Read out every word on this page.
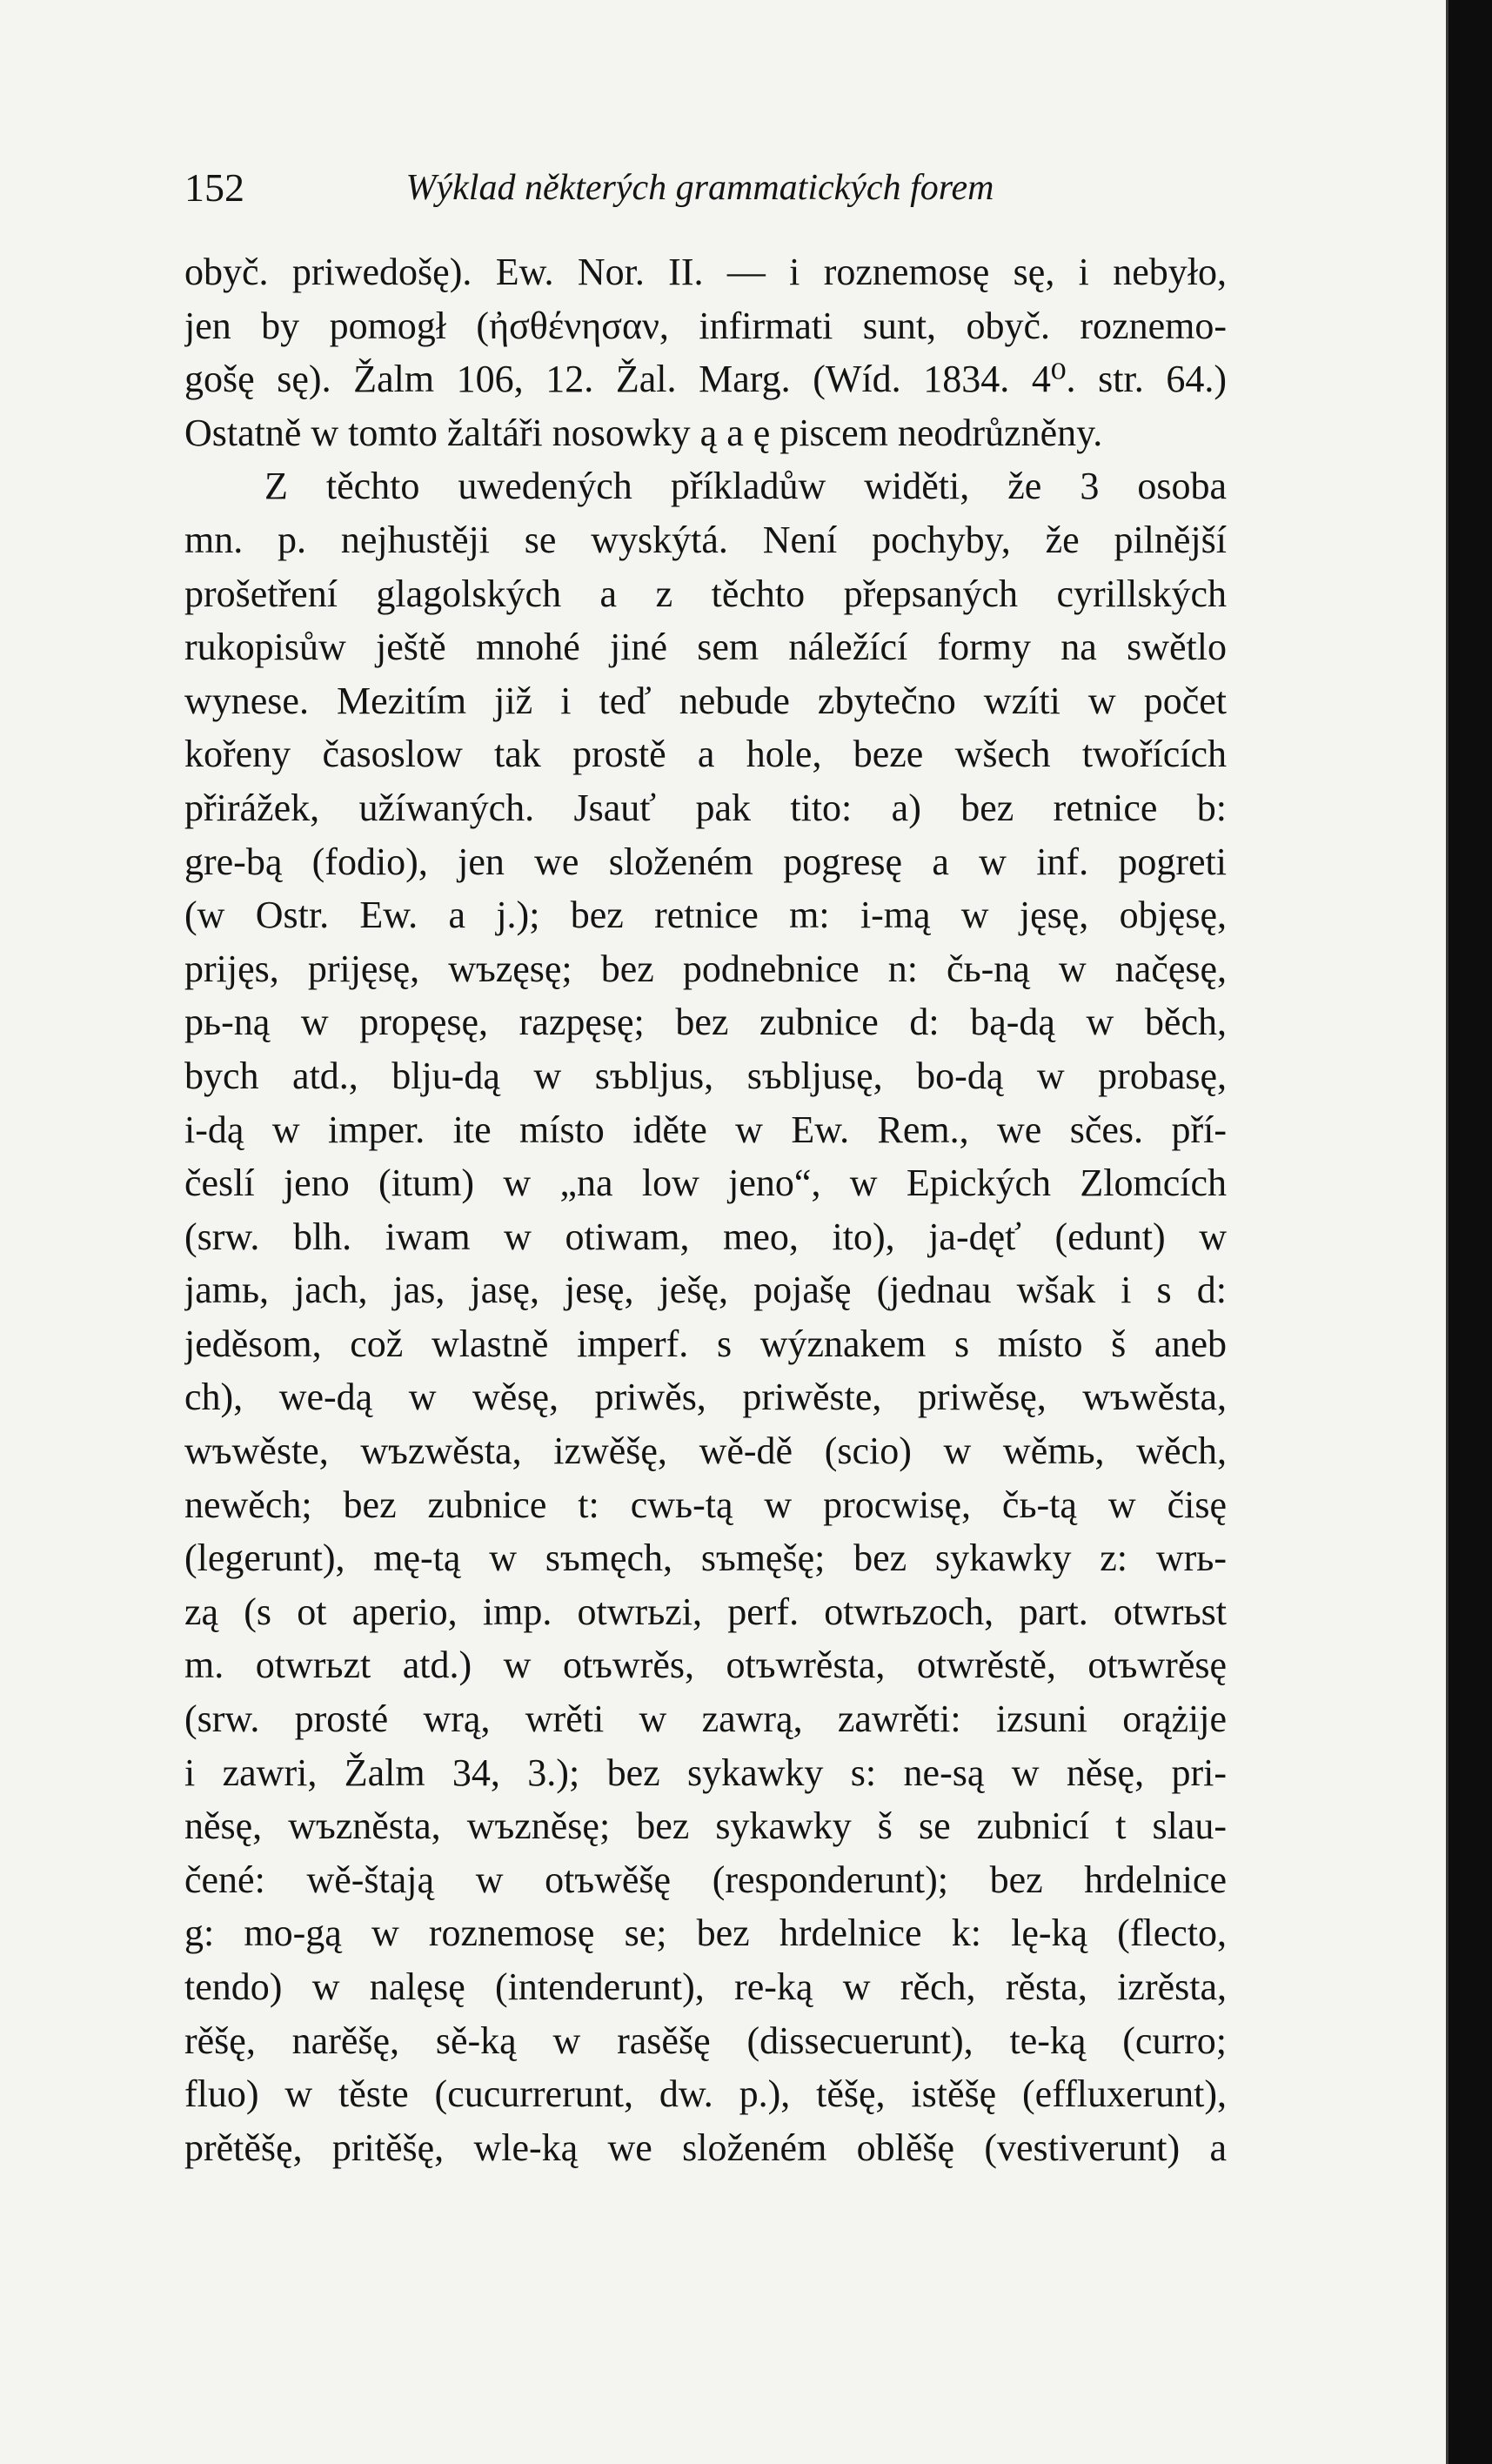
152	Wýklad některých grammatických forem
obyč. priwedošę). Ew. Nor. II. — i roznemosę sę, i nebyło,
jen by pomogł (ἠσθένησαν, infirmati sunt, obyč. roznemo-
gošę sę). Žalm 106, 12. Žal. Marg. (Wíd. 1834. 4⁰. str. 64.)
Ostatně w tomto žaltáři nosowky ą a ę piscem neodrůzněny.
Z těchto uwedených příkladůw widěti, že 3 osoba
mn. p. nejhustěji se wyskýtá. Není pochyby, že pilnější
prošetření glagolských a z těchto přepsaných cyrillských
rukopisůw ještě mnohé jiné sem náležící formy na swětlo
wynese. Mezitím již i teď nebude zbytečno wzíti w počet
kořeny časoslow tak prostě a hole, beze wšech twořících
přirážek, užíwaných. Jsauť pak tito: a) bez retnice b:
gre-bą (fodio), jen we složeném pogresę a w inf. pogreti
(w Ostr. Ew. a j.); bez retnice m: i-mą w jęsę, objęsę,
prijęs, prijęsę, wъzęsę; bez podnebnice n: čь-ną w načęsę,
pь-ną w propęsę, razpęsę; bez zubnice d: bą-dą w běch,
bych atd., blju-dą w sъbljus, sъbljusę, bo-dą w probasę,
i-dą w imper. ite místo iděte w Ew. Rem., we sčes. pří-
česlí jeno (itum) w „na low jeno“, w Epických Zlomcích
(srw. blh. iwam w otiwam, meo, ito), ja-dęť (edunt) w
jamь, jach, jas, jasę, jesę, ješę, pojašę (jednau wšak i s d:
jeděsom, což wlastně imperf. s wýznakem s místo š aneb
ch), we-dą w wěsę, priwěs, priwěste, priwěsę, wъwěsta,
wъwěste, wъzwěsta, izwěšę, wě-dě (scio) w wěmь, wěch,
newěch; bez zubnice t: cwь-tą w procwisę, čь-tą w čisę
(legerunt), mę-tą w sъmęch, sъmęšę; bez sykawky z: wrь-
zą (s ot aperio, imp. otwrьzi, perf. otwrьzoch, part. otwrьst
m. otwrьzt atd.) w otъwrěs, otъwrěsta, otwrěstě, otъwrěsę
(srw. prosté wrą, wrěti w zawrą, zawrěti: izsuni orążije
i zawri, Žalm 34, 3.); bez sykawky s: ne-są w něsę, pri-
něsę, wъzněsta, wъzněsę; bez sykawky š se zubnicí t slau-
čené: wě-štają w otъwěšę (responderunt); bez hrdelnice
g: mo-gą w roznemosę se; bez hrdelnice k: lę-ką (flecto,
tendo) w nalęsę (intenderunt), re-ką w rěch, rěsta, izrěsta,
rěšę, narěšę, sě-ką w rasěšę (dissecuerunt), te-ką (curro;
fluo) w těste (cucurrerunt, dw. p.), těšę, istěšę (effluxerunt),
prětěšę, pritěšę, wle-ką we složeném oblěšę (vestiverunt) a
